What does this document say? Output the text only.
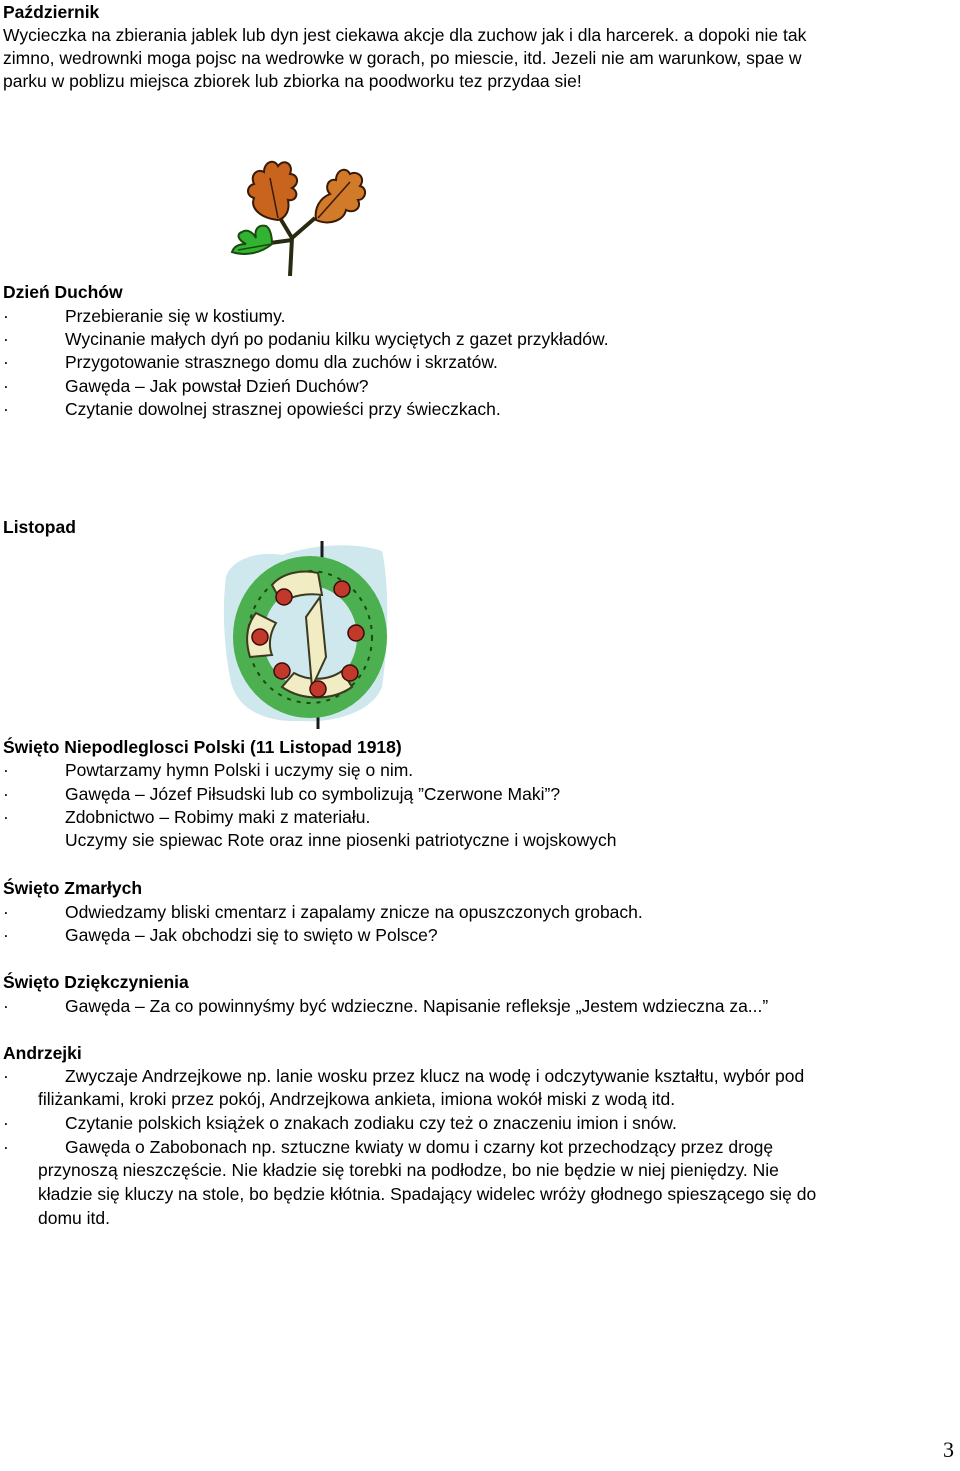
Październik
Wycieczka na zbierania jablek lub dyn jest ciekawa akcje dla zuchow jak i dla harcerek. a dopoki nie tak
zimno, wedrownki moga pojsc na wedrowke w gorach, po miescie, itd. Jezeli nie am warunkow, spae w
parku w poblizu miejsca zbiorek lub zbiorka na poodworku tez przydaa sie!
Dzień Duchów
·	Przebieranie się w kostiumy.
·	Wycinanie małych dyń po podaniu kilku wyciętych z gazet przykładów.
·	Przygotowanie strasznego domu dla zuchów i skrzatów.
·	Gawęda – Jak powstał Dzień Duchów?
·	Czytanie dowolnej strasznej opowieści przy świeczkach.
Listopad
Święto Niepodleglosci Polski (11 Listopad 1918)
·	Powtarzamy hymn Polski i uczymy się o nim.
·	Gawęda – Józef Piłsudski lub co symbolizują ”Czerwone Maki”?
·	Zdobnictwo – Robimy maki z materiału.
Uczymy sie spiewac Rote oraz inne piosenki patriotyczne i wojskowych
Święto Zmarłych
·	Odwiedzamy bliski cmentarz i zapalamy znicze na opuszczonych grobach.
·	Gawęda – Jak obchodzi się to swięto w Polsce?
Święto Dziękczynienia
·	Gawęda – Za co powinnyśmy być wdzieczne. Napisanie refleksje „Jestem wdzieczna za...”
Andrzejki
·	Zwyczaje Andrzejkowe np. lanie wosku przez klucz na wodę i odczytywanie kształtu, wybór pod
filiżankami, kroki przez pokój, Andrzejkowa ankieta, imiona wokół miski z wodą itd.
·	Czytanie polskich książek o znakach zodiaku czy też o znaczeniu imion i snów.
·	Gawęda o Zabobonach np. sztuczne kwiaty w domu i czarny kot przechodzący przez drogę
przynoszą nieszczęście. Nie kładzie się torebki na podłodze, bo nie będzie w niej pieniędzy. Nie
kładzie się kluczy na stole, bo będzie kłótnia. Spadający widelec wróży głodnego spieszącego się do
domu itd.
3
